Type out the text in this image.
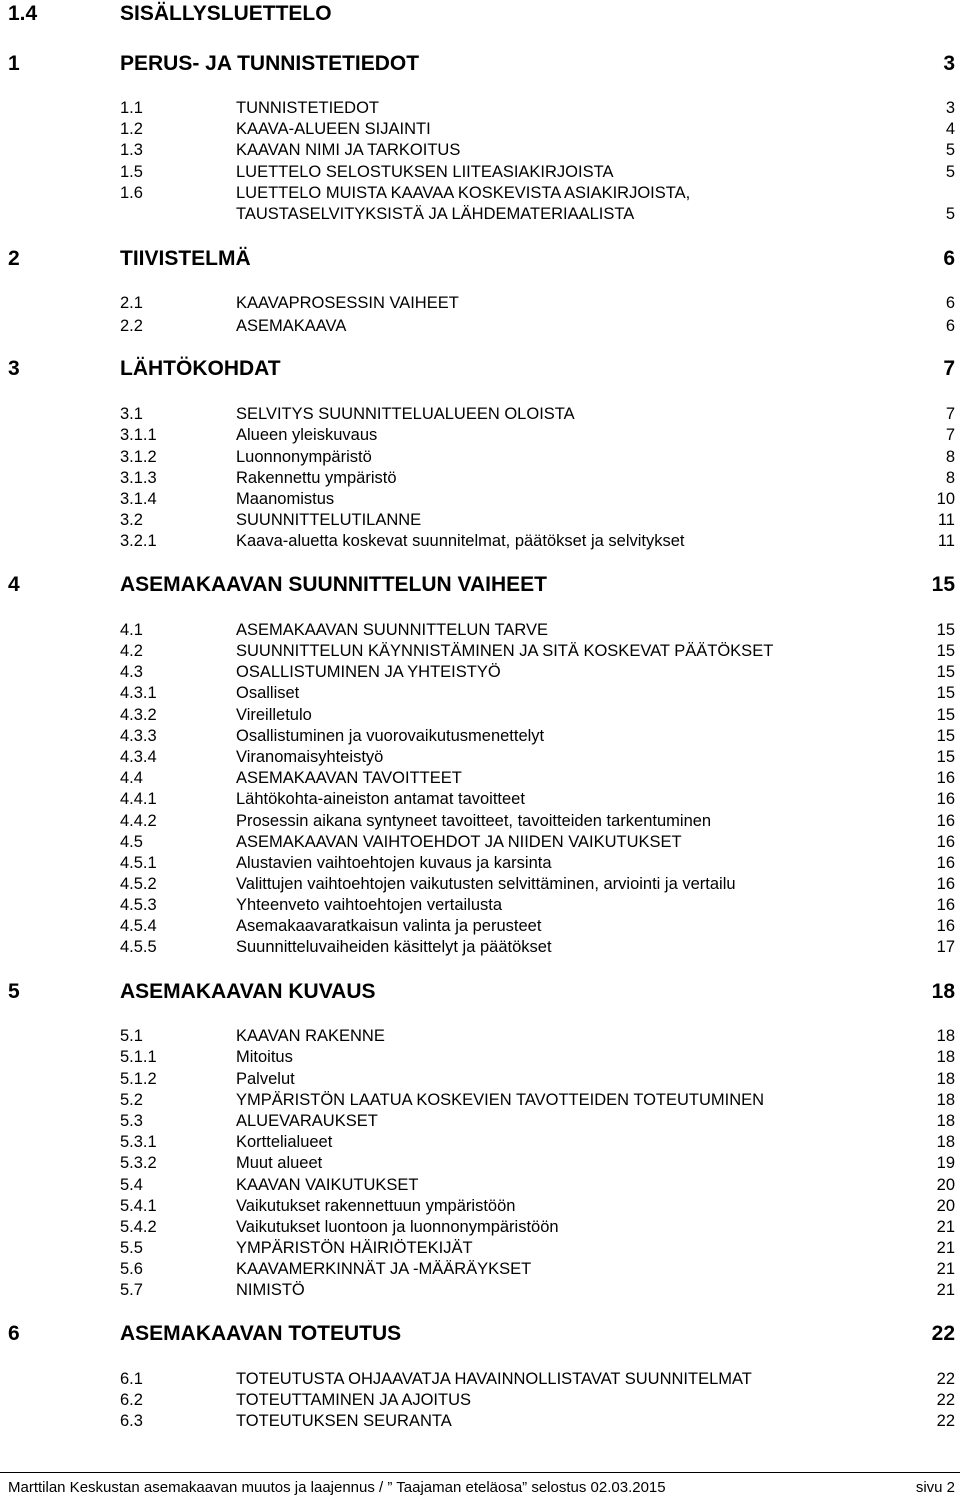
1.4	SISÄLLYSLUETTELO
1	PERUS- JA TUNNISTETIEDOT	3
1.1	TUNNISTETIEDOT	3
1.2	KAAVA-ALUEEN SIJAINTI	4
1.3	KAAVAN NIMI JA TARKOITUS	5
1.5	LUETTELO SELOSTUKSEN LIITEASIAKIRJOISTA	5
1.6	LUETTELO MUISTA KAAVAA KOSKEVISTA ASIAKIRJOISTA,
TAUSTASELVITYKSISTÄ JA LÄHDEMATERIAALISTA	5
2	TIIVISTELMÄ	6
2.1	KAAVAPROSESSIN VAIHEET	6
2.2	ASEMAKAAVA	6
3	LÄHTÖKOHDAT	7
3.1	SELVITYS SUUNNITTELUALUEEN OLOISTA	7
3.1.1	Alueen yleiskuvaus	7
3.1.2	Luonnonympäristö	8
3.1.3	Rakennettu ympäristö	8
3.1.4	Maanomistus	10
3.2	SUUNNITTELUTILANNE	11
3.2.1	Kaava-aluetta koskevat suunnitelmat, päätökset ja selvitykset	11
4	ASEMAKAAVAN SUUNNITTELUN VAIHEET	15
4.1	ASEMAKAAVAN SUUNNITTELUN TARVE	15
4.2	SUUNNITTELUN KÄYNNISTÄMINEN JA SITÄ KOSKEVAT PÄÄTÖKSET	15
4.3	OSALLISTUMINEN JA YHTEISTYÖ	15
4.3.1	Osalliset	15
4.3.2	Vireilletulo	15
4.3.3	Osallistuminen ja vuorovaikutusmenettelyt	15
4.3.4	Viranomaisyhteistyö	15
4.4	ASEMAKAAVAN TAVOITTEET	16
4.4.1	Lähtökohta-aineiston antamat tavoitteet	16
4.4.2	Prosessin aikana syntyneet tavoitteet, tavoitteiden tarkentuminen	16
4.5	ASEMAKAAVAN VAIHTOEHDOT JA NIIDEN VAIKUTUKSET	16
4.5.1	Alustavien vaihtoehtojen kuvaus ja karsinta	16
4.5.2	Valittujen vaihtoehtojen vaikutusten selvittäminen, arviointi ja vertailu	16
4.5.3	Yhteenveto vaihtoehtojen vertailusta	16
4.5.4	Asemakaavaratkaisun valinta ja perusteet	16
4.5.5	Suunnitteluvaiheiden käsittelyt ja päätökset	17
5	ASEMAKAAVAN KUVAUS	18
5.1	KAAVAN RAKENNE	18
5.1.1	Mitoitus	18
5.1.2	Palvelut	18
5.2	YMPÄRISTÖN LAATUA KOSKEVIEN TAVOTTEIDEN TOTEUTUMINEN	18
5.3	ALUEVARAUKSET	18
5.3.1	Korttelialueet	18
5.3.2	Muut alueet	19
5.4	KAAVAN VAIKUTUKSET	20
5.4.1	Vaikutukset rakennettuun ympäristöön	20
5.4.2	Vaikutukset luontoon ja luonnonympäristöön	21
5.5	YMPÄRISTÖN HÄIRIÖTEKIJÄT	21
5.6	KAAVAMERKINNÄT JA -MÄÄRÄYKSET	21
5.7	NIMISTÖ	21
6	ASEMAKAAVAN TOTEUTUS	22
6.1	TOTEUTUSTA OHJAAVATJA HAVAINNOLLISTAVAT SUUNNITELMAT	22
6.2	TOTEUTTAMINEN JA AJOITUS	22
6.3	TOTEUTUKSEN SEURANTA	22
Marttilan Keskustan asemakaavan muutos ja laajennus / ” Taajaman eteläosa” selostus 02.03.2015	sivu 2
